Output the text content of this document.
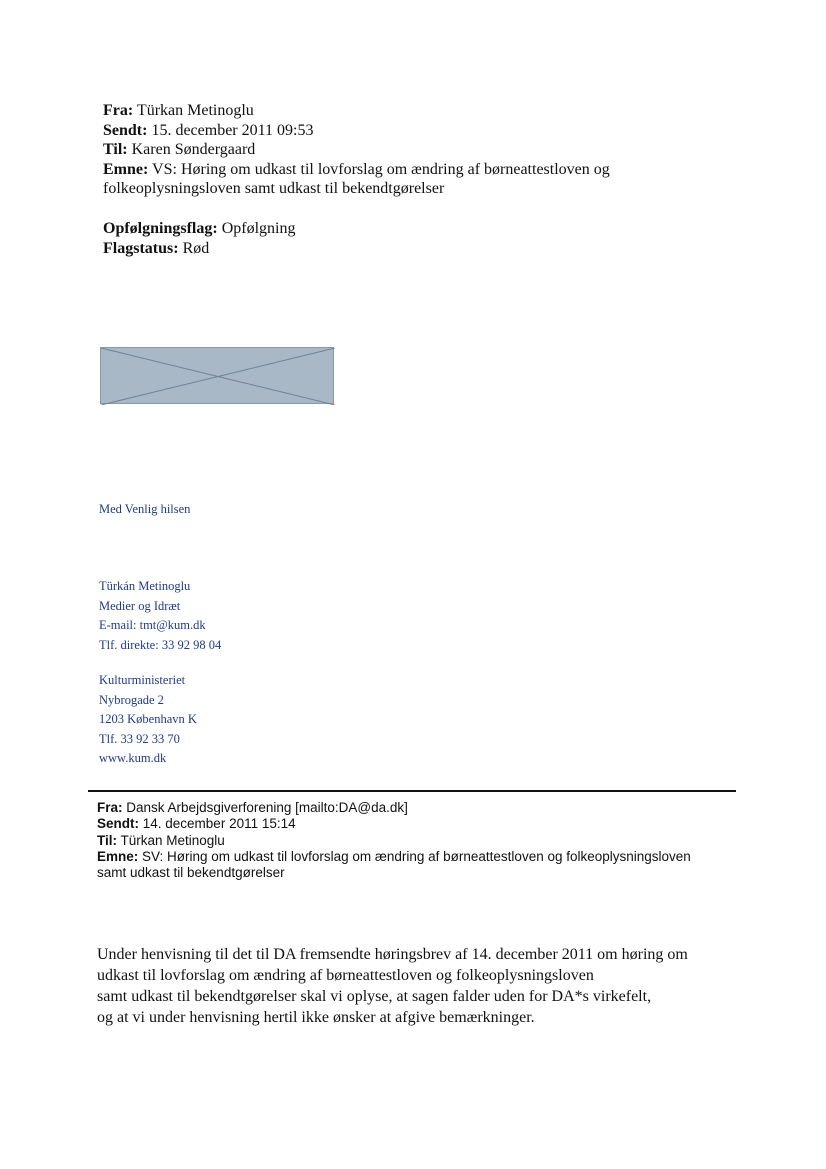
Fra: Türkan Metinoglu
Sendt: 15. december 2011 09:53
Til: Karen Søndergaard
Emne: VS: Høring om udkast til lovforslag om ændring af børneattestloven og
folkeoplysningsloven samt udkast til bekendtgørelser
Opfølgningsflag: Opfølgning
Flagstatus: Rød
Med Venlig hilsen
Türkán Metinoglu
Medier og Idræt
E-mail: tmt@kum.dk
Tlf. direkte: 33 92 98 04
Kulturministeriet
Nybrogade 2
1203 København K
Tlf. 33 92 33 70
www.kum.dk
Fra: Dansk Arbejdsgiverforening [mailto:DA@da.dk]
Sendt: 14. december 2011 15:14
Til: Türkan Metinoglu
Emne: SV: Høring om udkast til lovforslag om ændring af børneattestloven og folkeoplysningsloven
samt udkast til bekendtgørelser
Under henvisning til det til DA fremsendte høringsbrev af 14. december 2011 om høring om
udkast til lovforslag om ændring af børneattestloven og folkeoplysningsloven
samt udkast til bekendtgørelser skal vi oplyse, at sagen falder uden for DA*s virkefelt,
og at vi under henvisning hertil ikke ønsker at afgive bemærkninger.
